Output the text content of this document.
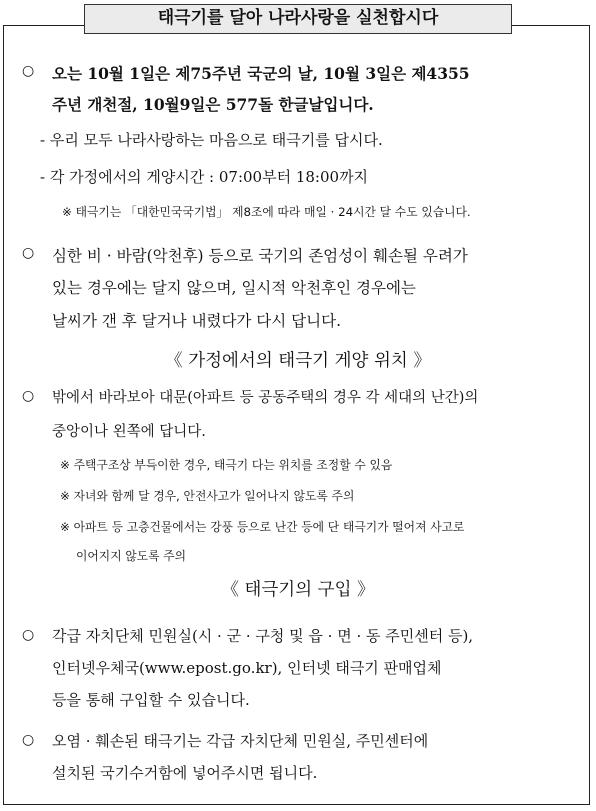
태극기를 달아 나라사랑을 실천합시다
○ 오는 10월 1일은 제75주년 국군의 날, 10월 3일은 제4355
주년 개천절, 10월9일은 577돌 한글날입니다.
- 우리 모두 나라사랑하는 마음으로 태극기를 답시다.
- 각 가정에서의 게양시간 : 07:00부터 18:00까지
※ 태극기는 「대한민국국기법」 제8조에 따라 매일 · 24시간 달 수도 있습니다.
○ 심한 비 · 바람(악천후) 등으로 국기의 존엄성이 훼손될 우려가
있는 경우에는 달지 않으며, 일시적 악천후인 경우에는
날씨가 갠 후 달거나 내렸다가 다시 답니다.
《 가정에서의 태극기 게양 위치 》
○ 밖에서 바라보아 대문(아파트 등 공동주택의 경우 각 세대의 난간)의
중앙이나 왼쪽에 답니다.
※ 주택구조상 부득이한 경우, 태극기 다는 위치를 조정할 수 있음
※ 자녀와 함께 달 경우, 안전사고가 일어나지 않도록 주의
※ 아파트 등 고층건물에서는 강풍 등으로 난간 등에 단 태극기가 떨어져 사고로
이어지지 않도록 주의
《 태극기의 구입 》
○ 각급 자치단체 민원실(시 · 군 · 구청 및 읍 · 면 · 동 주민센터 등),
인터넷우체국(www.epost.go.kr), 인터넷 태극기 판매업체
등을 통해 구입할 수 있습니다.
○ 오염 · 훼손된 태극기는 각급 자치단체 민원실, 주민센터에
설치된 국기수거함에 넣어주시면 됩니다.
